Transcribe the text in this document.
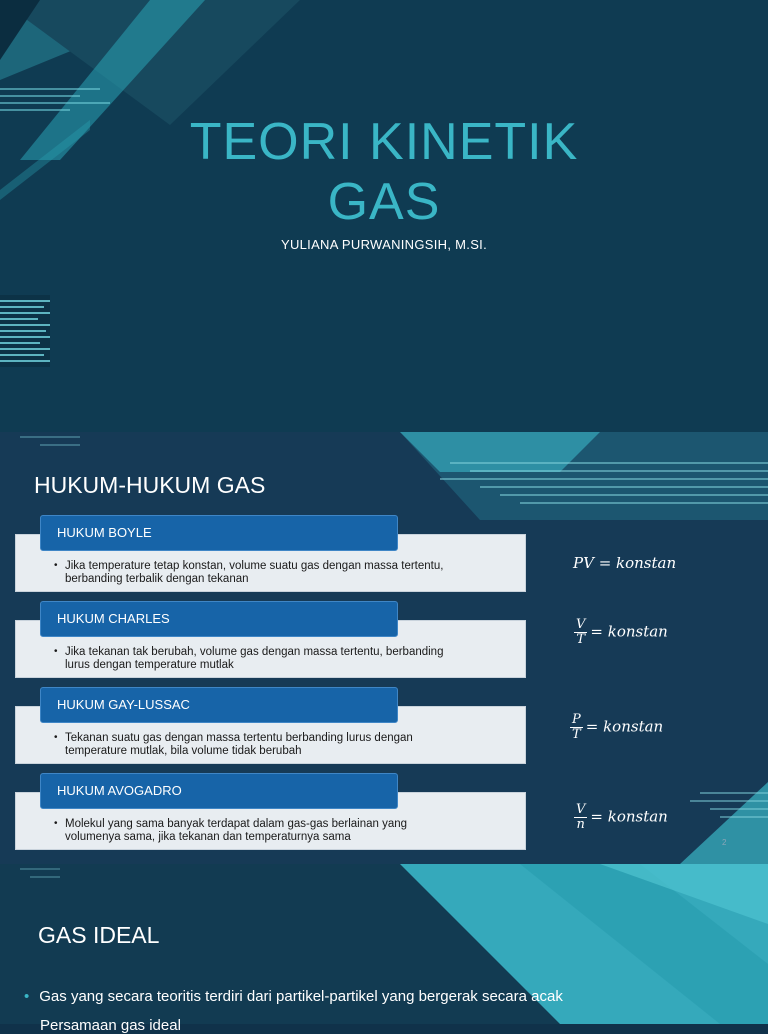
TEORI KINETIK
GAS
YULIANA PURWANINGSIH, M.SI.
HUKUM-HUKUM GAS

• Jika temperature tetap konstan, volume suatu gas dengan massa tertentu,
berbanding terbalik dengan tekanan

HUKUM BOYLE
PV = konstan

• Jika tekanan tak berubah, volume gas dengan massa tertentu, berbanding
lurus dengan temperature mutlak

HUKUM CHARLES	$\frac{V}{T}$ = konstan

• Tekanan suatu gas dengan massa tertentu berbanding lurus dengan
temperature mutlak, bila volume tidak berubah

HUKUM GAY-LUSSAC
$\frac{P}{T}$ = konstan

• Molekul yang sama banyak terdapat dalam gas-gas berlainan yang
volumenya sama, jika tekanan dan temperaturnya sama

HUKUM AVOGADRO
$\frac{V}{n}$ = konstan
2
GAS IDEAL

• Gas yang secara teoritis terdiri dari partikel-partikel yang bergerak secara acak

Persamaan gas ideal
